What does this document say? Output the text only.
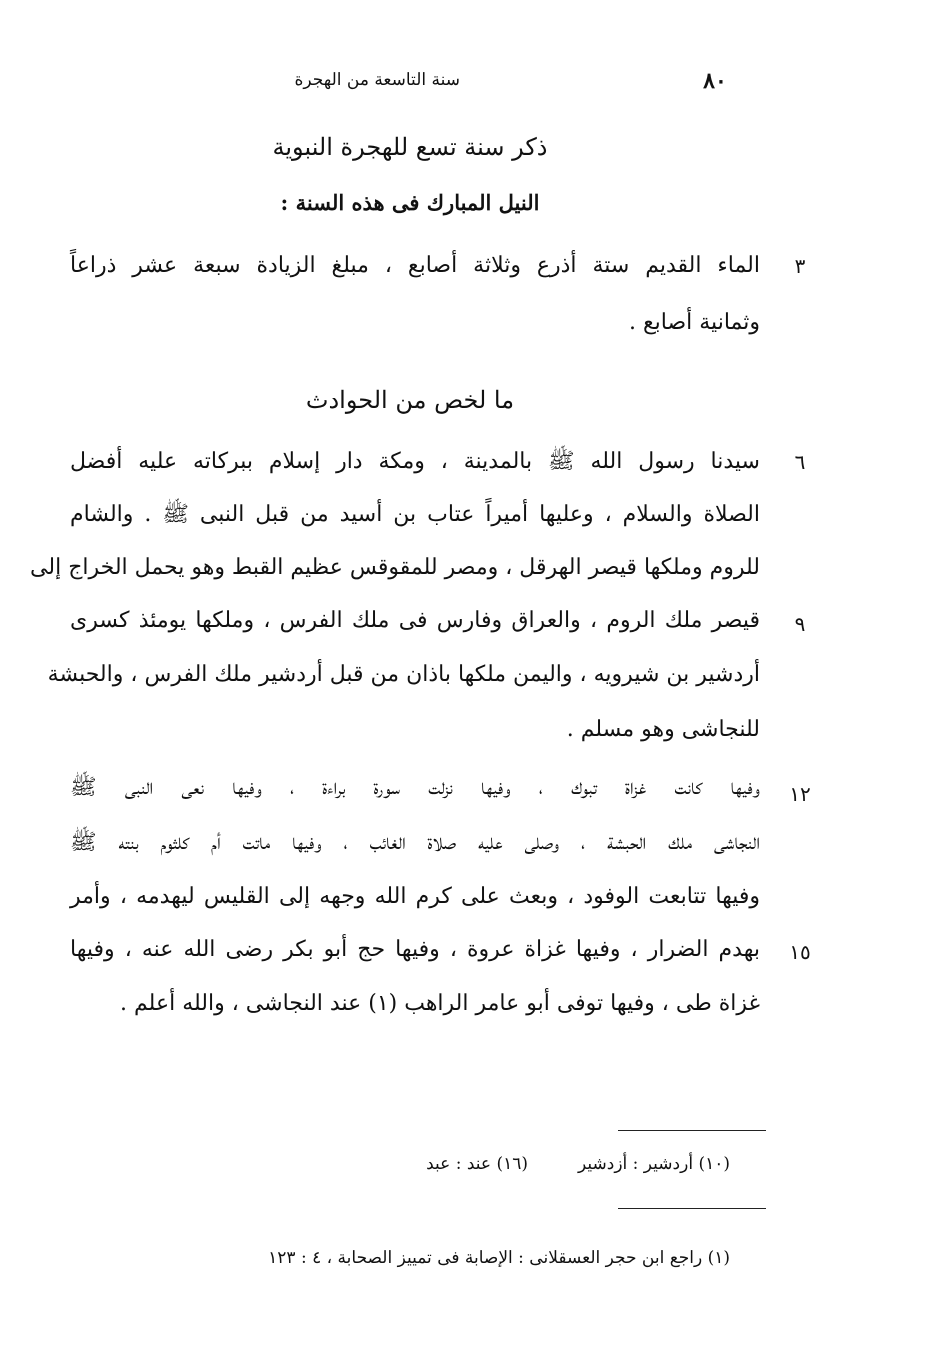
سنة التاسعة من الهجرة	٨٠
ذكر سنة تسع للهجرة النبوية
النيل المبارك فى هذه السنة :
٣
الماء القديم ستة أذرع وثلاثة أصابع ، مبلغ الزيادة سبعة عشر ذراعاً
وثمانية أصابع .
ما لخص من الحوادث
٦
سيدنا رسول الله ﷺ بالمدينة ، ومكة دار إسلام ببركاته عليه أفضل
الصلاة والسلام ، وعليها أميراً عتاب بن أسيد من قبل النبى ﷺ . والشام
للروم وملكها قيصر الهرقل ، ومصر للمقوقس عظيم القبط وهو يحمل الخراج إلى
٩
قيصر ملك الروم ، والعراق وفارس فى ملك الفرس ، وملكها يومئذ كسرى
أردشير بن شيرويه ، واليمن ملكها باذان من قبل أردشير ملك الفرس ، والحبشة
للنجاشى وهو مسلم .
١٢
وفيها كانت غزاة تبوك ، وفيها نزلت سورة براءة ، وفيها نعى النبى ﷺ
النجاشى ملك الحبشة ، وصلى عليه صلاة الغائب ، وفيها ماتت أم كلثوم بنته ﷺ
وفيها تتابعت الوفود ، وبعث على كرم الله وجهه إلى القليس ليهدمه ، وأمر
١٥
بهدم الضرار ، وفيها غزاة عروة ، وفيها حج أبو بكر رضى الله عنه ، وفيها
غزاة طى ، وفيها توفى أبو عامر الراهب (١) عند النجاشى ، والله أعلم .
(١٠) أردشير : أزدشير(١٦) عند : عبد
(١) راجع ابن حجر العسقلانى : الإصابة فى تمييز الصحابة ، ٤ : ١٢٣
